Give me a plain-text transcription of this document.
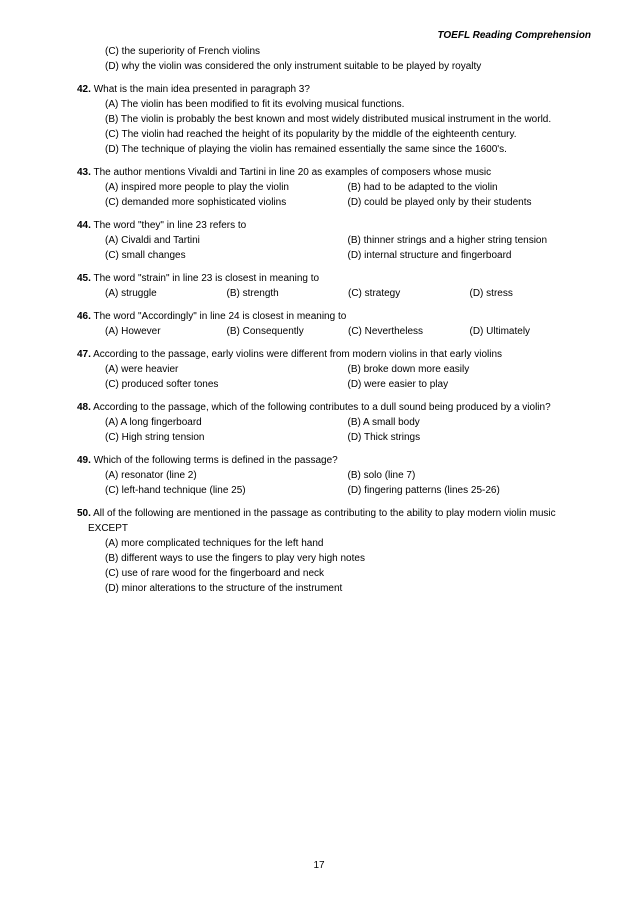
TOEFL Reading Comprehension
(C) the superiority of French violins
(D) why the violin was considered the only instrument suitable to be played by royalty
42. What is the main idea presented in paragraph 3?
(A) The violin has been modified to fit its evolving musical functions.
(B) The violin is probably the best known and most widely distributed musical instrument in the world.
(C) The violin had reached the height of its popularity by the middle of the eighteenth century.
(D) The technique of playing the violin has remained essentially the same since the 1600's.
43. The author mentions Vivaldi and Tartini in line 20 as examples of composers whose music
(A) inspired more people to play the violin	(B) had to be adapted to the violin
(C) demanded more sophisticated violins	(D) could be played only by their students
44. The word "they" in line 23 refers to
(A) Civaldi and Tartini	(B) thinner strings and a higher string tension
(C) small changes	(D) internal structure and fingerboard
45. The word "strain" in line 23 is closest in meaning to
(A) struggle	(B) strength	(C) strategy	(D) stress
46. The word "Accordingly" in line 24 is closest in meaning to
(A) However	(B) Consequently	(C) Nevertheless	(D) Ultimately
47. According to the passage, early violins were different from modern violins in that early violins
(A) were heavier	(B) broke down more easily
(C) produced softer tones	(D) were easier to play
48. According to the passage, which of the following contributes to a dull sound being produced by a violin?
(A) A long fingerboard	(B) A small body
(C) High string tension	(D) Thick strings
49. Which of the following terms is defined in the passage?
(A) resonator (line 2)	(B) solo (line 7)
(C) left-hand technique (line 25)	(D) fingering patterns (lines 25-26)
50. All of the following are mentioned in the passage as contributing to the ability to play modern violin music
EXCEPT
(A) more complicated techniques for the left hand
(B) different ways to use the fingers to play very high notes
(C) use of rare wood for the fingerboard and neck
(D) minor alterations to the structure of the instrument
17
